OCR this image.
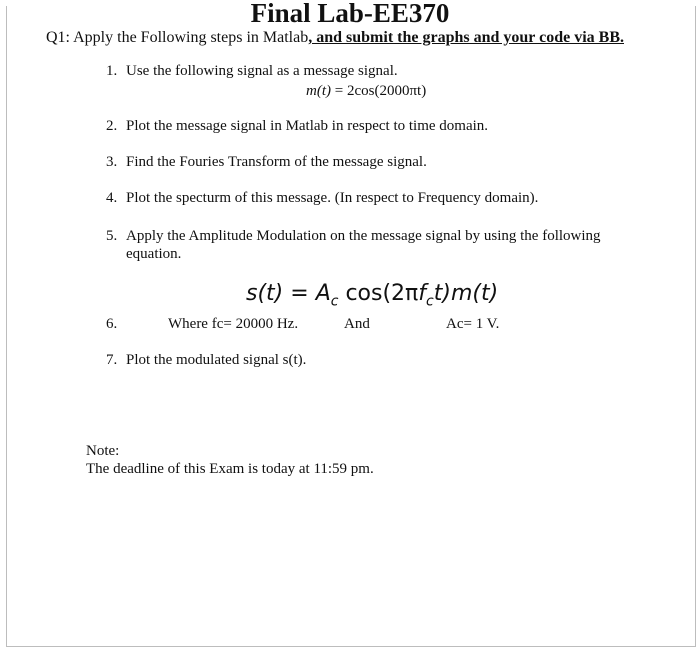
Final Lab-EE370
Q1: Apply the Following steps in Matlab, and submit the graphs and your code via BB.
1. Use the following signal as a message signal.
m(t) = 2cos(2000πt)
2. Plot the message signal in Matlab in respect to time domain.
3. Find the Fouries Transform of the message signal.
4. Plot the specturm of this message. (In respect to Frequency domain).
5. Apply the Amplitude Modulation on the message signal by using the following
equation.
$s(t) = A_c$ $\cos(2\pi f_ct)m(t)$
6.	Where fc= 20000 Hz.	And	Ac= 1 V.
7. Plot the modulated signal s(t).
Note:
The deadline of this Exam is today at 11:59 pm.
